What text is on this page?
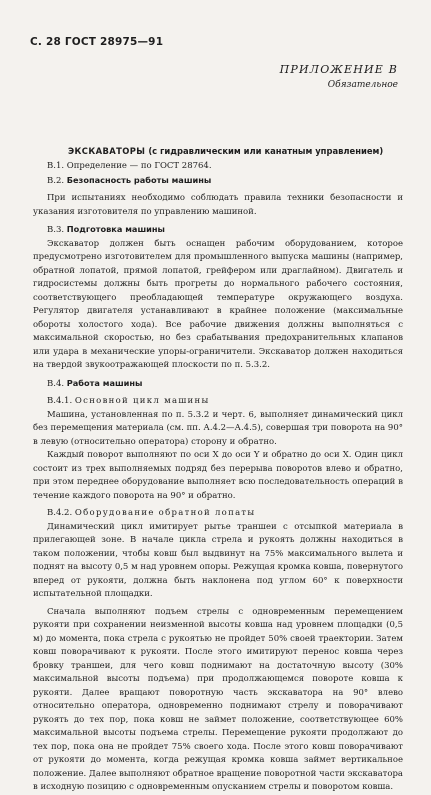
С. 28 ГОСТ 28975—91
ПРИЛОЖЕНИЕ В
Обязательное
ЭКСКАВАТОРЫ (с гидравлическим или канатным управлением)

В.1. Определение — по ГОСТ 28764.

В.2. Безопасность работы машины

При испытаниях необходимо соблюдать правила техники безопасности и указания изготовителя по управлению машиной.

В.3. Подготовка машины

Экскаватор должен быть оснащен рабочим оборудованием, которое предусмотрено изготовителем для промышленного выпуска машины (например, обратной лопатой, прямой лопатой, грейфером или драглайном). Двигатель и гидросистемы должны быть прогреты до нормального рабочего состояния, соответствующего преобладающей температуре окружающего воздуха. Регулятор двигателя устанавливают в крайнее положение (максимальные обороты холостого хода). Все рабочие движения должны выполняться с максимальной скоростью, но без срабатывания предохранительных клапанов или удара в механические упоры-ограничители. Экскаватор должен находиться на твердой звукоотражающей плоскости по п. 5.3.2.

В.4. Работа машины

В.4.1. Основной цикл машины

Машина, установленная по п. 5.3.2 и черт. 6, выполняет динамический цикл без перемещения материала (см. пп. А.4.2—А.4.5), совершая три поворота на 90° в левую (относительно оператора) сторону и обратно.

Каждый поворот выполняют по оси X до оси Y и обратно до оси X. Один цикл состоит из трех выполняемых подряд без перерыва поворотов влево и обратно, при этом переднее оборудование выполняет всю последовательность операций в течение каждого поворота на 90° и обратно.

В.4.2. Оборудование обратной лопаты

Динамический цикл имитирует рытье траншеи с отсыпкой материала в прилегающей зоне. В начале цикла стрела и рукоять должны находиться в таком положении, чтобы ковш был выдвинут на 75% максимального вылета и поднят на высоту 0,5 м над уровнем опоры. Режущая кромка ковша, повернутого вперед от рукояти, должна быть наклонена под углом 60° к поверхности испытательной площадки.

Сначала выполняют подъем стрелы с одновременным перемещением рукояти при сохранении неизменной высоты ковша над уровнем площадки (0,5 м) до момента, пока стрела с рукоятью не пройдет 50% своей траектории. Затем ковш поворачивают к рукояти. После этого имитируют перенос ковша через бровку траншеи, для чего ковш поднимают на достаточную высоту (30% максимальной высоты подъема) при продолжающемся повороте ковша к рукояти. Далее вращают поворотную часть экскаватора на 90° влево относительно оператора, одновременно поднимают стрелу и поворачивают рукоять до тех пор, пока ковш не займет положение, соответствующее 60% максимальной высоты подъема стрелы. Перемещение рукояти продолжают до тех пор, пока она не пройдет 75% своего хода. После этого ковш поворачивают от рукояти до момента, когда режущая кромка ковша займет вертикальное положение. Далее выполняют обратное вращение поворотной части экскаватора в исходную позицию с одновременным опусканием стрелы и поворотом ковша.
